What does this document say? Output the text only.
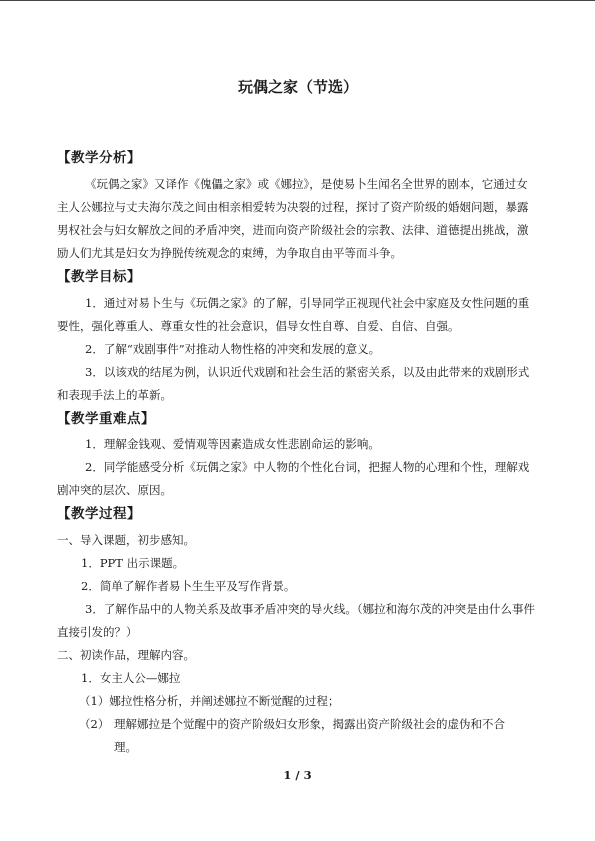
玩偶之家（节选）
【教学分析】

《玩偶之家》又译作《傀儡之家》或《娜拉》，是使易卜生闻名全世界的剧本，它通过女主人公娜拉与丈夫海尔茂之间由相亲相爱转为决裂的过程，探讨了资产阶级的婚姻问题，暴露男权社会与妇女解放之间的矛盾冲突，进而向资产阶级社会的宗教、法律、道德提出挑战，激励人们尤其是妇女为挣脱传统观念的束缚，为争取自由平等而斗争。

【教学目标】

1．通过对易卜生与《玩偶之家》的了解，引导同学正视现代社会中家庭及女性问题的重要性，强化尊重人、尊重女性的社会意识，倡导女性自尊、自爱、自信、自强。

2．了解“戏剧事件”对推动人物性格的冲突和发展的意义。

3．以该戏的结尾为例，认识近代戏剧和社会生活的紧密关系，以及由此带来的戏剧形式和表现手法上的革新。

【教学重难点】

1．理解金钱观、爱情观等因素造成女性悲剧命运的影响。

2．同学能感受分析《玩偶之家》中人物的个性化台词，把握人物的心理和个性，理解戏剧冲突的层次、原因。

【教学过程】
一、导入课题，初步感知。
1．PPT 出示课题。
2．简单了解作者易卜生生平及写作背景。

3．了解作品中的人物关系及故事矛盾冲突的导火线。（娜拉和海尔茂的冲突是由什么事件直接引发的？）

二、初读作品，理解内容。
1．女主人公—娜拉
（1）娜拉性格分析，并阐述娜拉不断觉醒的过程；
（2） 理解娜拉是个觉醒中的资产阶级妇女形象，揭露出资产阶级社会的虚伪和不合
理。
1 / 3
